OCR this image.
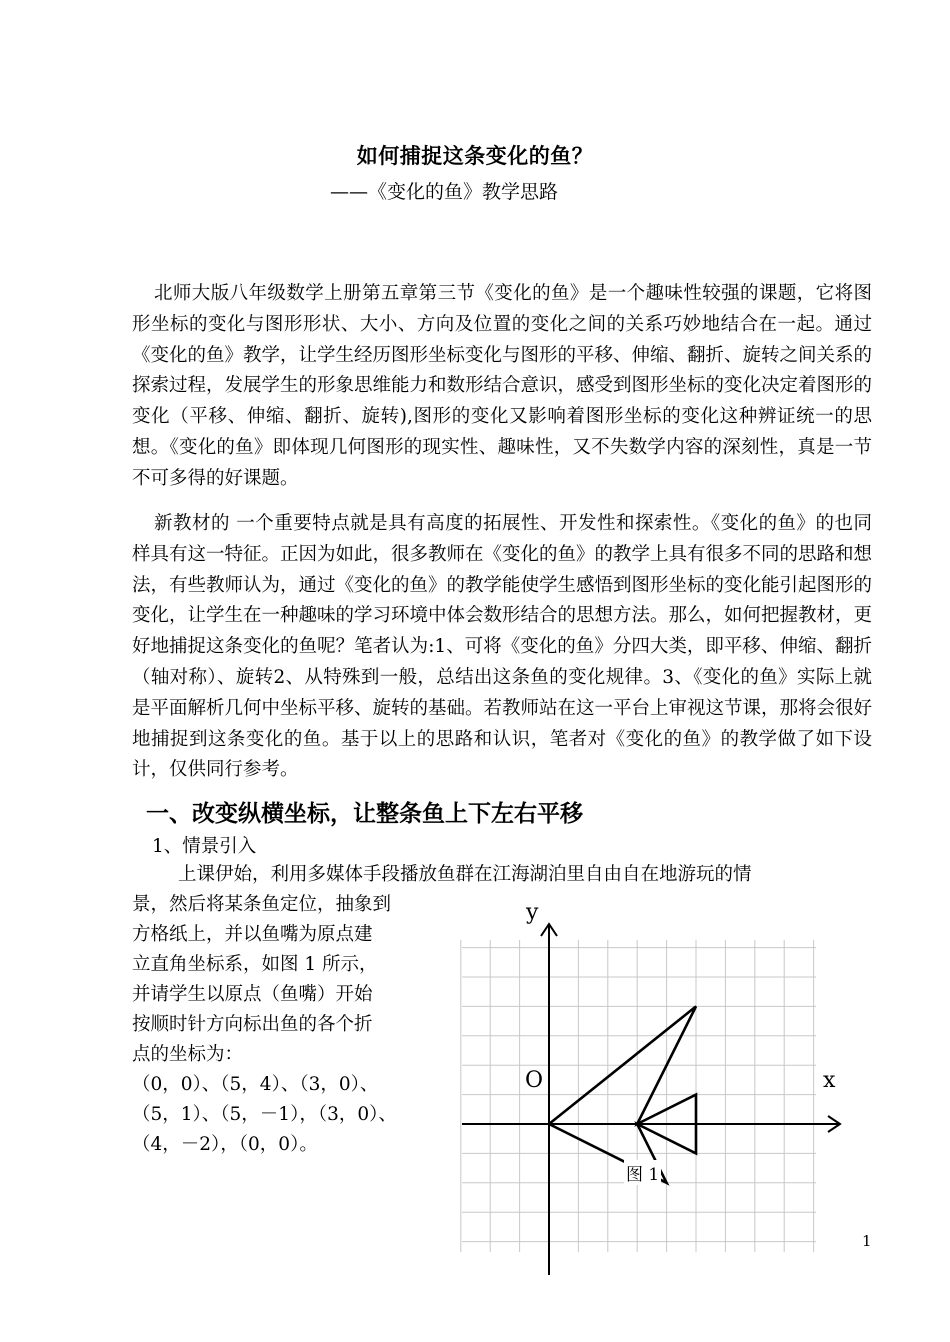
如何捕捉这条变化的鱼？
——《变化的鱼》教学思路

北师大版八年级数学上册第五章第三节《变化的鱼》是一个趣味性较强的课题，它将图形坐标的变化与图形形状、大小、方向及位置的变化之间的关系巧妙地结合在一起。通过《变化的鱼》教学，让学生经历图形坐标变化与图形的平移、伸缩、翻折、旋转之间关系的探索过程，发展学生的形象思维能力和数形结合意识，感受到图形坐标的变化决定着图形的变化（平移、伸缩、翻折、旋转),图形的变化又影响着图形坐标的变化这种辨证统一的思想。《变化的鱼》即体现几何图形的现实性、趣味性，又不失数学内容的深刻性，真是一节不可多得的好课题。

新教材的 一个重要特点就是具有高度的拓展性、开发性和探索性。《变化的鱼》的也同样具有这一特征。正因为如此，很多教师在《变化的鱼》的教学上具有很多不同的思路和想法，有些教师认为，通过《变化的鱼》的教学能使学生感悟到图形坐标的变化能引起图形的变化，让学生在一种趣味的学习环境中体会数形结合的思想方法。那么，如何把握教材，更好地捕捉这条变化的鱼呢？笔者认为:1、可将《变化的鱼》分四大类，即平移、伸缩、翻折（轴对称）、旋转2、从特殊到一般，总结出这条鱼的变化规律。3、《变化的鱼》实际上就是平面解析几何中坐标平移、旋转的基础。若教师站在这一平台上审视这节课，那将会很好地捕捉到这条变化的鱼。基于以上的思路和认识，笔者对《变化的鱼》的教学做了如下设计，仅供同行参考。

一、改变纵横坐标，让整条鱼上下左右平移
1、情景引入
上课伊始，利用多媒体手段播放鱼群在江海湖泊里自由自在地游玩的情
景，然后将某条鱼定位，抽象到
方格纸上，并以鱼嘴为原点建
立直角坐标系，如图 1 所示，
并请学生以原点（鱼嘴）开始
按顺时针方向标出鱼的各个折
点的坐标为：
（0，0）、（5，4）、（3，0）、
（5，1）、（5，－1），（3，0）、
（4，－2），（0，0）。
y
x
O
图 1
1
